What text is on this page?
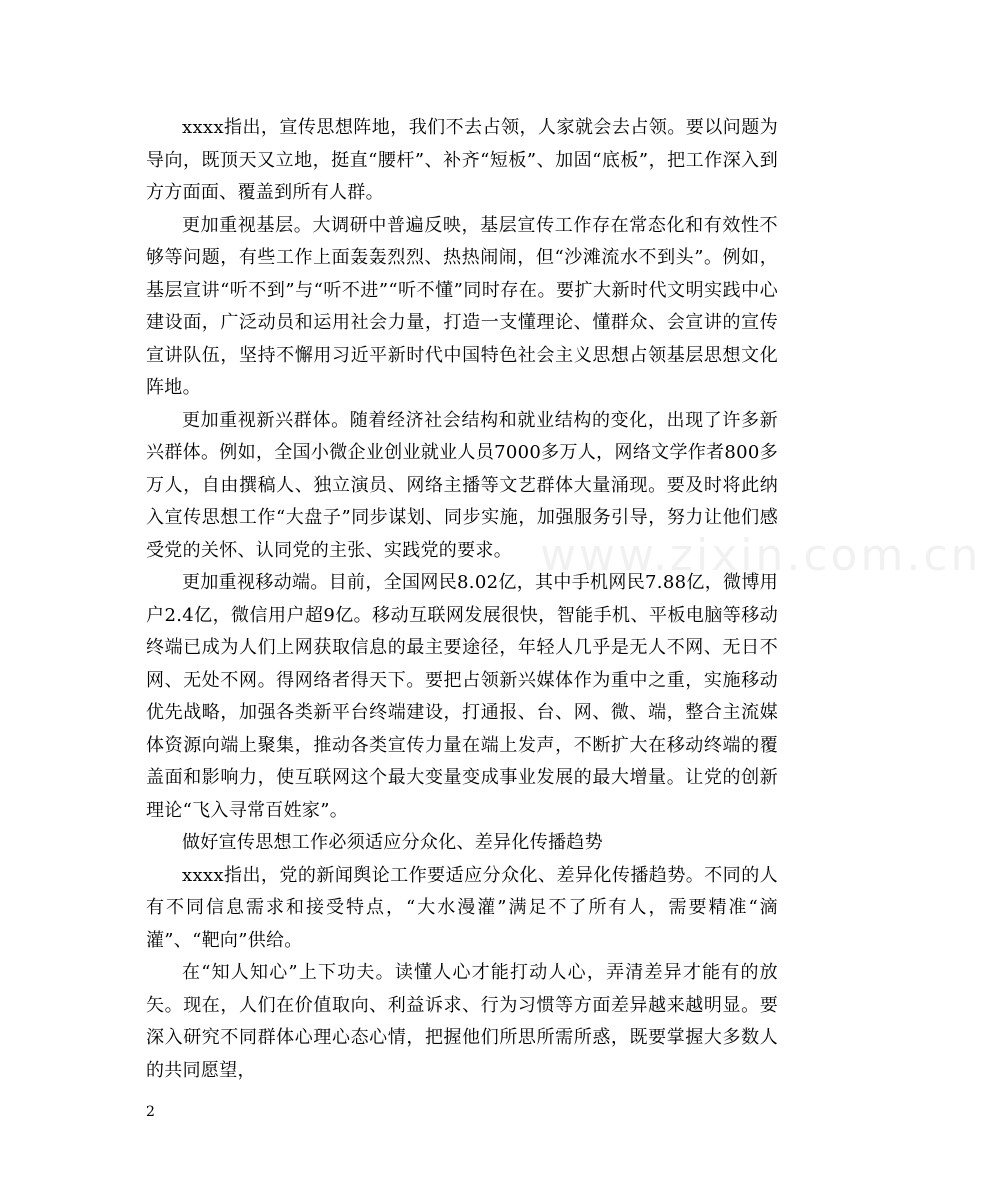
www.zixin.com.cn

xxxx指出，宣传思想阵地，我们不去占领，人家就会去占领。要以问题为导向，既顶天又立地，挺直“腰杆”、补齐“短板”、加固“底板”，把工作深入到方方面面、覆盖到所有人群。

更加重视基层。大调研中普遍反映，基层宣传工作存在常态化和有效性不够等问题，有些工作上面轰轰烈烈、热热闹闹，但“沙滩流水不到头”。例如，基层宣讲“听不到”与“听不进”“听不懂”同时存在。要扩大新时代文明实践中心建设面，广泛动员和运用社会力量，打造一支懂理论、懂群众、会宣讲的宣传宣讲队伍，坚持不懈用习近平新时代中国特色社会主义思想占领基层思想文化阵地。

更加重视新兴群体。随着经济社会结构和就业结构的变化，出现了许多新兴群体。例如，全国小微企业创业就业人员7000多万人，网络文学作者800多万人，自由撰稿人、独立演员、网络主播等文艺群体大量涌现。要及时将此纳入宣传思想工作“大盘子”同步谋划、同步实施，加强服务引导，努力让他们感受党的关怀、认同党的主张、实践党的要求。

更加重视移动端。目前，全国网民8.02亿，其中手机网民7.88亿，微博用户2.4亿，微信用户超9亿。移动互联网发展很快，智能手机、平板电脑等移动终端已成为人们上网获取信息的最主要途径，年轻人几乎是无人不网、无日不网、无处不网。得网络者得天下。要把占领新兴媒体作为重中之重，实施移动优先战略，加强各类新平台终端建设，打通报、台、网、微、端，整合主流媒体资源向端上聚集，推动各类宣传力量在端上发声，不断扩大在移动终端的覆盖面和影响力，使互联网这个最大变量变成事业发展的最大增量。让党的创新理论“飞入寻常百姓家”。

做好宣传思想工作必须适应分众化、差异化传播趋势

xxxx指出，党的新闻舆论工作要适应分众化、差异化传播趋势。不同的人有不同信息需求和接受特点，“大水漫灌”满足不了所有人，需要精准“滴灌”、“靶向”供给。

在“知人知心”上下功夫。读懂人心才能打动人心，弄清差异才能有的放矢。现在，人们在价值取向、利益诉求、行为习惯等方面差异越来越明显。要深入研究不同群体心理心态心情，把握他们所思所需所惑，既要掌握大多数人的共同愿望，

2
